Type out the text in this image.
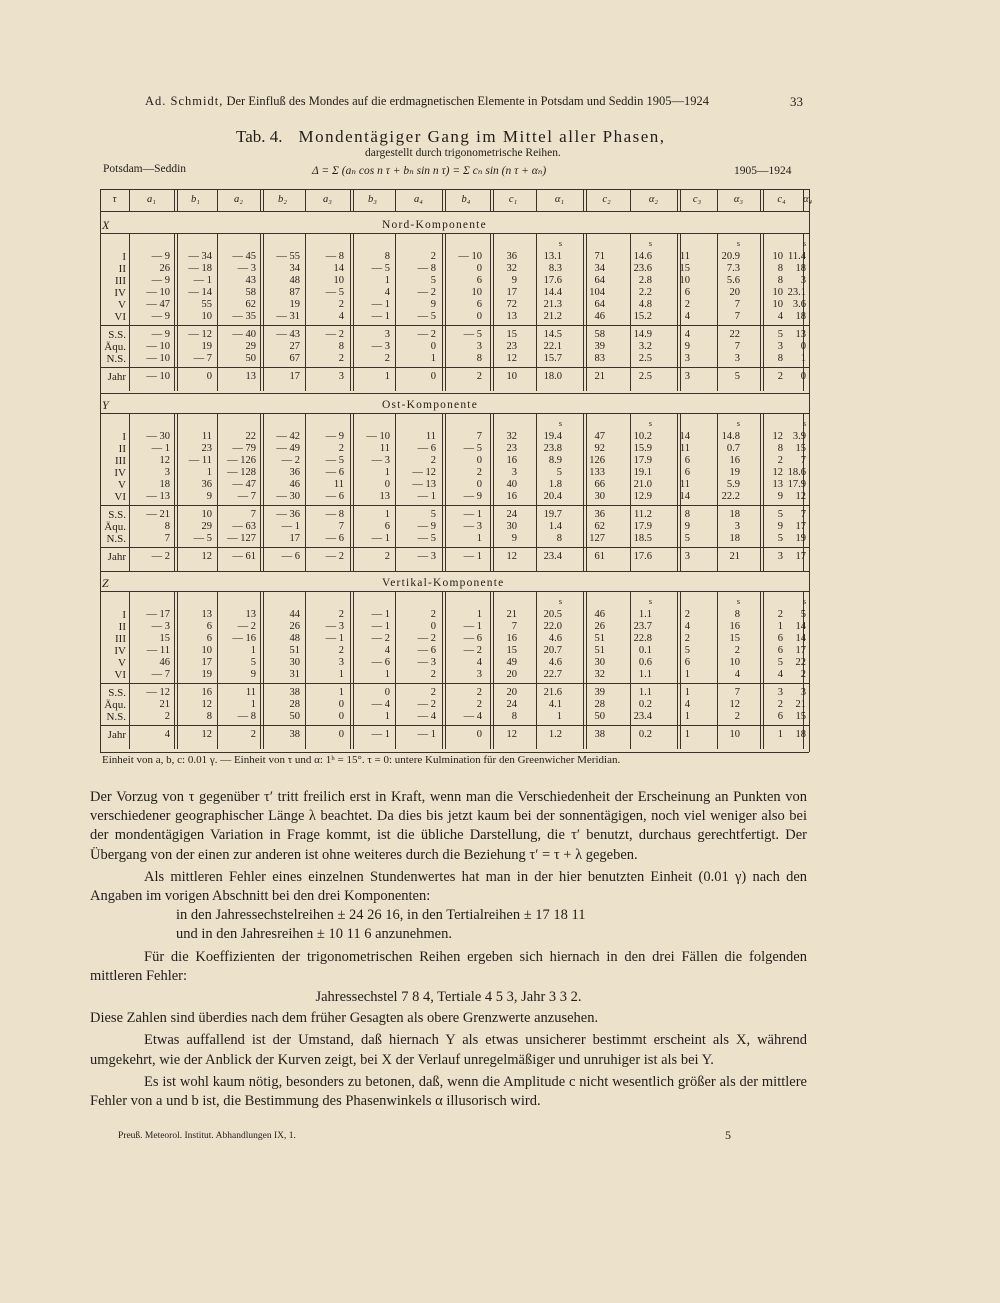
Ad. Schmidt, Der Einfluß des Mondes auf die erdmagnetischen Elemente in Potsdam und Seddin 1905—1924	33
Tab. 4. Mondentägiger Gang im Mittel aller Phasen,
dargestellt durch trigonometrische Reihen.
Potsdam—Seddin	Δ = Σ (aₙ cos n τ + bₙ sin n τ) = Σ cₙ sin (n τ + αₙ)	1905—1924
τ	a₁	b₁	a₂	b₂	a₃	b₃	a₄	b₄	c₁	α₁	c₂	α₂	c₃	α₃	c₄	α₄
X	Nord-Komponente
s	s	s	s
I	— 9	— 34	— 45	— 55	— 8	8	2	— 10	36	13.1	71	14.6	11	20.9	10 11.4
II	26	— 18	— 3	34	14	— 5	— 8	0	32	8.3	34	23.6	15	7.3	8	18
III	— 9	— 1	43	48	10	1	5	6	9	17.6	64	2.8	10	5.6	8	3
IV	— 10	— 14	58	87	— 5	4	— 2	10	17	14.4	104	2.2	6	20	10 23.1
V	— 47	55	62	19	2	— 1	9	6	72	21.3	64	4.8	2	7	10 3.6
VI	— 9	10	— 35	— 31	4	— 1	— 5	0	13	21.2	46	15.2	4	7	4	18
S.S.	— 9	— 12	— 40	— 43	— 2	3	— 2	— 5	15	14.5	58	14.9	4	22	5	13
Äqu.	— 10	19	29	27	8	— 3	0	3	23	22.1	39	3.2	9	7	3	0
N.S.	— 10	— 7	50	67	2	2	1	8	12	15.7	83	2.5	3	3	8	1
Jahr	— 10	0	13	17	3	1	0	2	10	18.0	21	2.5	3	5	2	0
Y	Ost-Komponente
s	s	s	s
I	— 30	11	22	— 42	— 9	— 10	11	7	32	19.4	47	10.2	14	14.8	12 3.9
II	— 1	23	— 79	— 49	2	11	— 6	— 5	23	23.8	92	15.9	11	0.7	8	15
III	12	— 11	— 126	— 2	— 5	— 3	2	0	16	8.9	126	17.9	6	16	2	7
IV	3	1	— 128	36	— 6	1	— 12	2	3	5	133	19.1	6	19	12 18.6
V	18	36	— 47	46	11	0	— 13	0	40	1.8	66	21.0	11	5.9	13 17.9
VI	— 13	9	— 7	— 30	— 6	13	— 1	— 9	16	20.4	30	12.9	14	22.2	9	12
S.S.	— 21	10	7	— 36	— 8	1	5	— 1	24	19.7	36	11.2	8	18	5	7
Äqu.	8	29	— 63	— 1	7	6	— 9	— 3	30	1.4	62	17.9	9	3	9	17
N.S.	7	— 5	— 127	17	— 6	— 1	— 5	1	9	8	127	18.5	5	18	5	19
Jahr	— 2	12	— 61	— 6	— 2	2	— 3	— 1	12	23.4	61	17.6	3	21	3	17
Z	Vertikal-Komponente
s	s	s	s
I	— 17	13	13	44	2	— 1	2	1	21	20.5	46	1.1	2	8	2	5
II	— 3	6	— 2	26	— 3	— 1	0	— 1	7	22.0	26	23.7	4	16	1	14
III	15	6	— 16	48	— 1	— 2	— 2	— 6	16	4.6	51	22.8	2	15	6	14
IV	— 11	10	1	51	2	4	— 6	— 2	15	20.7	51	0.1	5	2	6	17
V	46	17	5	30	3	— 6	— 3	4	49	4.6	30	0.6	6	10	5	22
VI	— 7	19	9	31	1	1	2	3	20	22.7	32	1.1	1	4	4	2
S.S.	— 12	16	11	38	1	0	2	2	20	21.6	39	1.1	1	7	3	3
Äqu.	21	12	1	28	0	— 4	— 2	2	24	4.1	28	0.2	4	12	2	21
N.S.	2	8	— 8	50	0	1	— 4	— 4	8	1	50	23.4	1	2	6	15
Jahr	4	12	2	38	0	— 1	— 1	0	12	1.2	38	0.2	1	10	1	18
Einheit von a, b, c: 0.01 γ. — Einheit von τ und α: 1ʰ = 15°. τ = 0: untere Kulmination für den Greenwicher Meridian.

Der Vorzug von τ gegenüber τ′ tritt freilich erst in Kraft, wenn man die Verschiedenheit der Erscheinung an Punkten von verschiedener geographischer Länge λ beachtet. Da dies bis jetzt kaum bei der sonnentägigen, noch viel weniger also bei der mondentägigen Variation in Frage kommt, ist die übliche Darstellung, die τ′ benutzt, durchaus gerechtfertigt. Der Übergang von der einen zur anderen ist ohne weiteres durch die Beziehung τ′ = τ + λ gegeben.

Als mittleren Fehler eines einzelnen Stundenwertes hat man in der hier benutzten Einheit (0.01 γ) nach den Angaben im vorigen Abschnitt bei den drei Komponenten:

in den Jahressechstelreihen ± 24 26 16, in den Tertialreihen ± 17 18 11

und in den Jahresreihen ± 10 11 6 anzunehmen.

Für die Koeffizienten der trigonometrischen Reihen ergeben sich hiernach in den drei Fällen die folgenden mittleren Fehler:

Jahressechstel 7 8 4, Tertiale 4 5 3, Jahr 3 3 2.

Diese Zahlen sind überdies nach dem früher Gesagten als obere Grenzwerte anzusehen.

Etwas auffallend ist der Umstand, daß hiernach Y als etwas unsicherer bestimmt erscheint als X, während umgekehrt, wie der Anblick der Kurven zeigt, bei X der Verlauf unregelmäßiger und unruhiger ist als bei Y.

Es ist wohl kaum nötig, besonders zu betonen, daß, wenn die Amplitude c nicht wesentlich größer als der mittlere Fehler von a und b ist, die Bestimmung des Phasenwinkels α illusorisch wird.

Preuß. Meteorol. Institut. Abhandlungen IX, 1.	5
